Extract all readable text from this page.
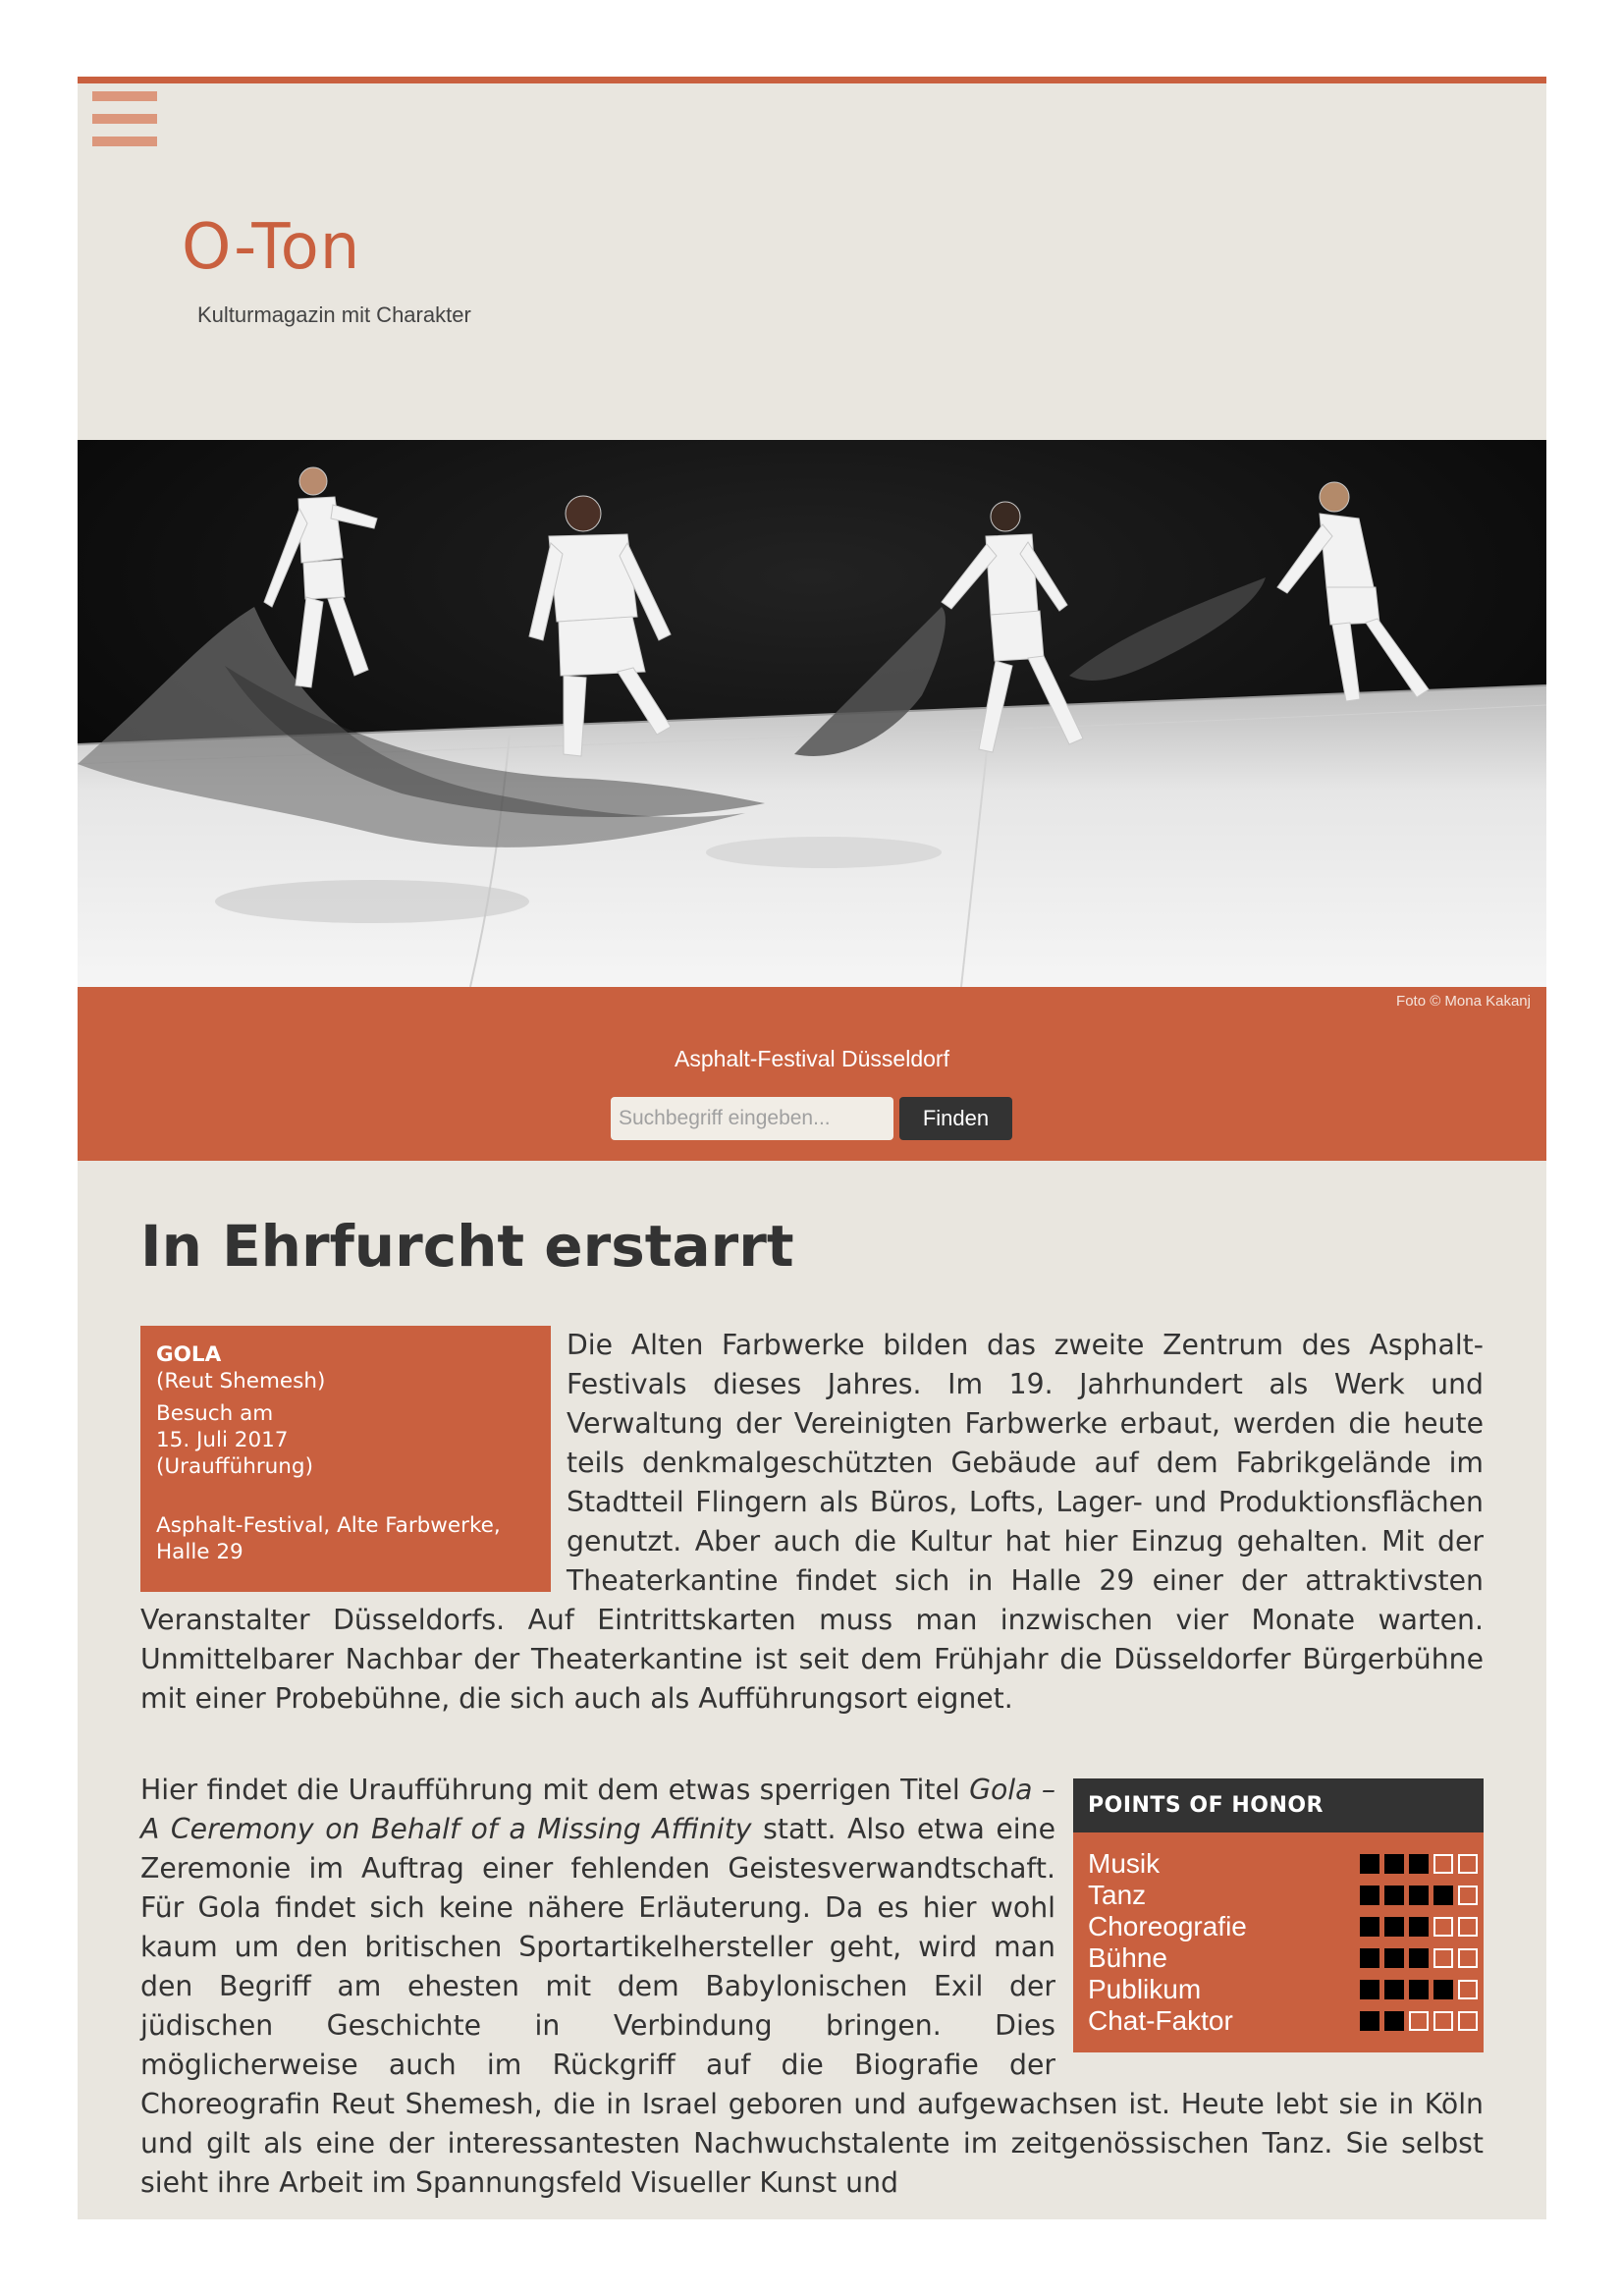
O-Ton
Kulturmagazin mit Charakter
Foto © Mona Kakanj
Asphalt-Festival Düsseldorf
Suchbegriff eingeben...
Finden
In Ehrfurcht erstarrt
GOLA
(Reut Shemesh)
Besuch am
15. Juli 2017
(Uraufführung)
Asphalt-Festival, Alte Farbwerke, Halle 29
Die Alten Farbwerke bilden das zweite Zentrum des Asphalt-Festivals dieses Jahres. Im 19. Jahrhundert als Werk und Verwaltung der Vereinigten Farbwerke erbaut, werden die heute teils denkmalgeschützten Gebäude auf dem Fabrikgelände im Stadtteil Flingern als Büros, Lofts, Lager- und Produktionsflächen genutzt. Aber auch die Kultur hat hier Einzug gehalten. Mit der Theaterkantine findet sich in Halle 29 einer der attraktivsten Veranstalter Düsseldorfs. Auf Eintrittskarten muss man inzwischen vier Monate warten. Unmittelbarer Nachbar der Theaterkantine ist seit dem Frühjahr die Düsseldorfer Bürgerbühne mit einer Probebühne, die sich auch als Aufführungsort eignet.
POINTS OF HONOR
Musik
Tanz
Choreografie
Bühne
Publikum
Chat-Faktor
Hier findet die Uraufführung mit dem etwas sperrigen Titel Gola – A Ceremony on Behalf of a Missing Affinity statt. Also etwa eine Zeremonie im Auftrag einer fehlenden Geistesverwandtschaft. Für Gola findet sich keine nähere Erläuterung. Da es hier wohl kaum um den britischen Sportartikelhersteller geht, wird man den Begriff am ehesten mit dem Babylonischen Exil der jüdischen Geschichte in Verbindung bringen. Dies möglicherweise auch im Rückgriff auf die Biografie der Choreografin Reut Shemesh, die in Israel geboren und aufgewachsen ist. Heute lebt sie in Köln und gilt als eine der interessantesten Nachwuchstalente im zeitgenössischen Tanz. Sie selbst sieht ihre Arbeit im Spannungsfeld Visueller Kunst und
